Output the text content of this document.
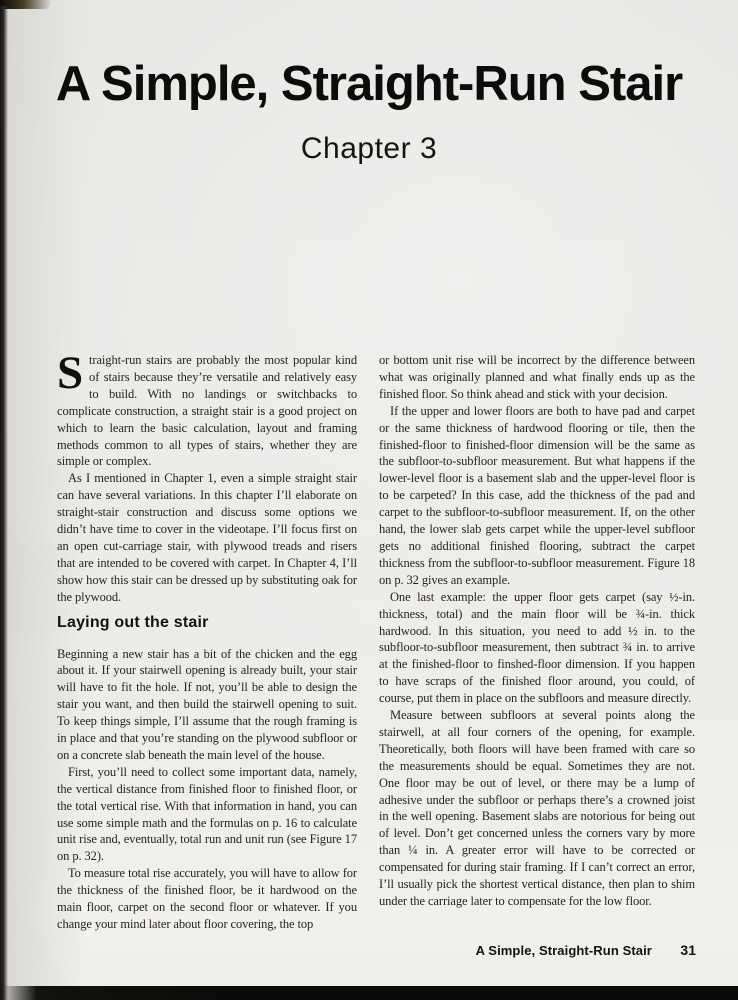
A Simple, Straight-Run Stair
Chapter 3

Straight-run stairs are probably the most popular kind of stairs because they’re versatile and relatively easy to build. With no landings or switchbacks to complicate construction, a straight stair is a good project on which to learn the basic calculation, layout and framing methods common to all types of stairs, whether they are simple or complex.

As I mentioned in Chapter 1, even a simple straight stair can have several variations. In this chapter I’ll elaborate on straight-stair construction and discuss some options we didn’t have time to cover in the videotape. I’ll focus first on an open cut-carriage stair, with plywood treads and risers that are intended to be covered with carpet. In Chapter 4, I’ll show how this stair can be dressed up by substituting oak for the plywood.

Laying out the stair

Beginning a new stair has a bit of the chicken and the egg about it. If your stairwell opening is already built, your stair will have to fit the hole. If not, you’ll be able to design the stair you want, and then build the stairwell opening to suit. To keep things simple, I’ll assume that the rough framing is in place and that you’re standing on the plywood subfloor or on a concrete slab beneath the main level of the house.

First, you’ll need to collect some important data, namely, the vertical distance from finished floor to finished floor, or the total vertical rise. With that information in hand, you can use some simple math and the formulas on p. 16 to calculate unit rise and, eventually, total run and unit run (see Figure 17 on p. 32).

To measure total rise accurately, you will have to allow for the thickness of the finished floor, be it hardwood on the main floor, carpet on the second floor or whatever. If you change your mind later about floor covering, the top

or bottom unit rise will be incorrect by the difference between what was originally planned and what finally ends up as the finished floor. So think ahead and stick with your decision.

If the upper and lower floors are both to have pad and carpet or the same thickness of hardwood flooring or tile, then the finished-floor to finished-floor dimension will be the same as the subfloor-to-subfloor measurement. But what happens if the lower-level floor is a basement slab and the upper-level floor is to be carpeted? In this case, add the thickness of the pad and carpet to the subfloor-to-subfloor measurement. If, on the other hand, the lower slab gets carpet while the upper-level subfloor gets no additional finished flooring, subtract the carpet thickness from the subfloor-to-subfloor measurement. Figure 18 on p. 32 gives an example.

One last example: the upper floor gets carpet (say ½-in. thickness, total) and the main floor will be ¾-in. thick hardwood. In this situation, you need to add ½ in. to the subfloor-to-subfloor measurement, then subtract ¾ in. to arrive at the finished-floor to finshed-floor dimension. If you happen to have scraps of the finished floor around, you could, of course, put them in place on the subfloors and measure directly.

Measure between subfloors at several points along the stairwell, at all four corners of the opening, for example. Theoretically, both floors will have been framed with care so the measurements should be equal. Sometimes they are not. One floor may be out of level, or there may be a lump of adhesive under the subfloor or perhaps there’s a crowned joist in the well opening. Basement slabs are notorious for being out of level. Don’t get concerned unless the corners vary by more than ¼ in. A greater error will have to be corrected or compensated for during stair framing. If I can’t correct an error, I’ll usually pick the shortest vertical distance, then plan to shim under the carriage later to compensate for the low floor.

A Simple, Straight-Run Stair 31
